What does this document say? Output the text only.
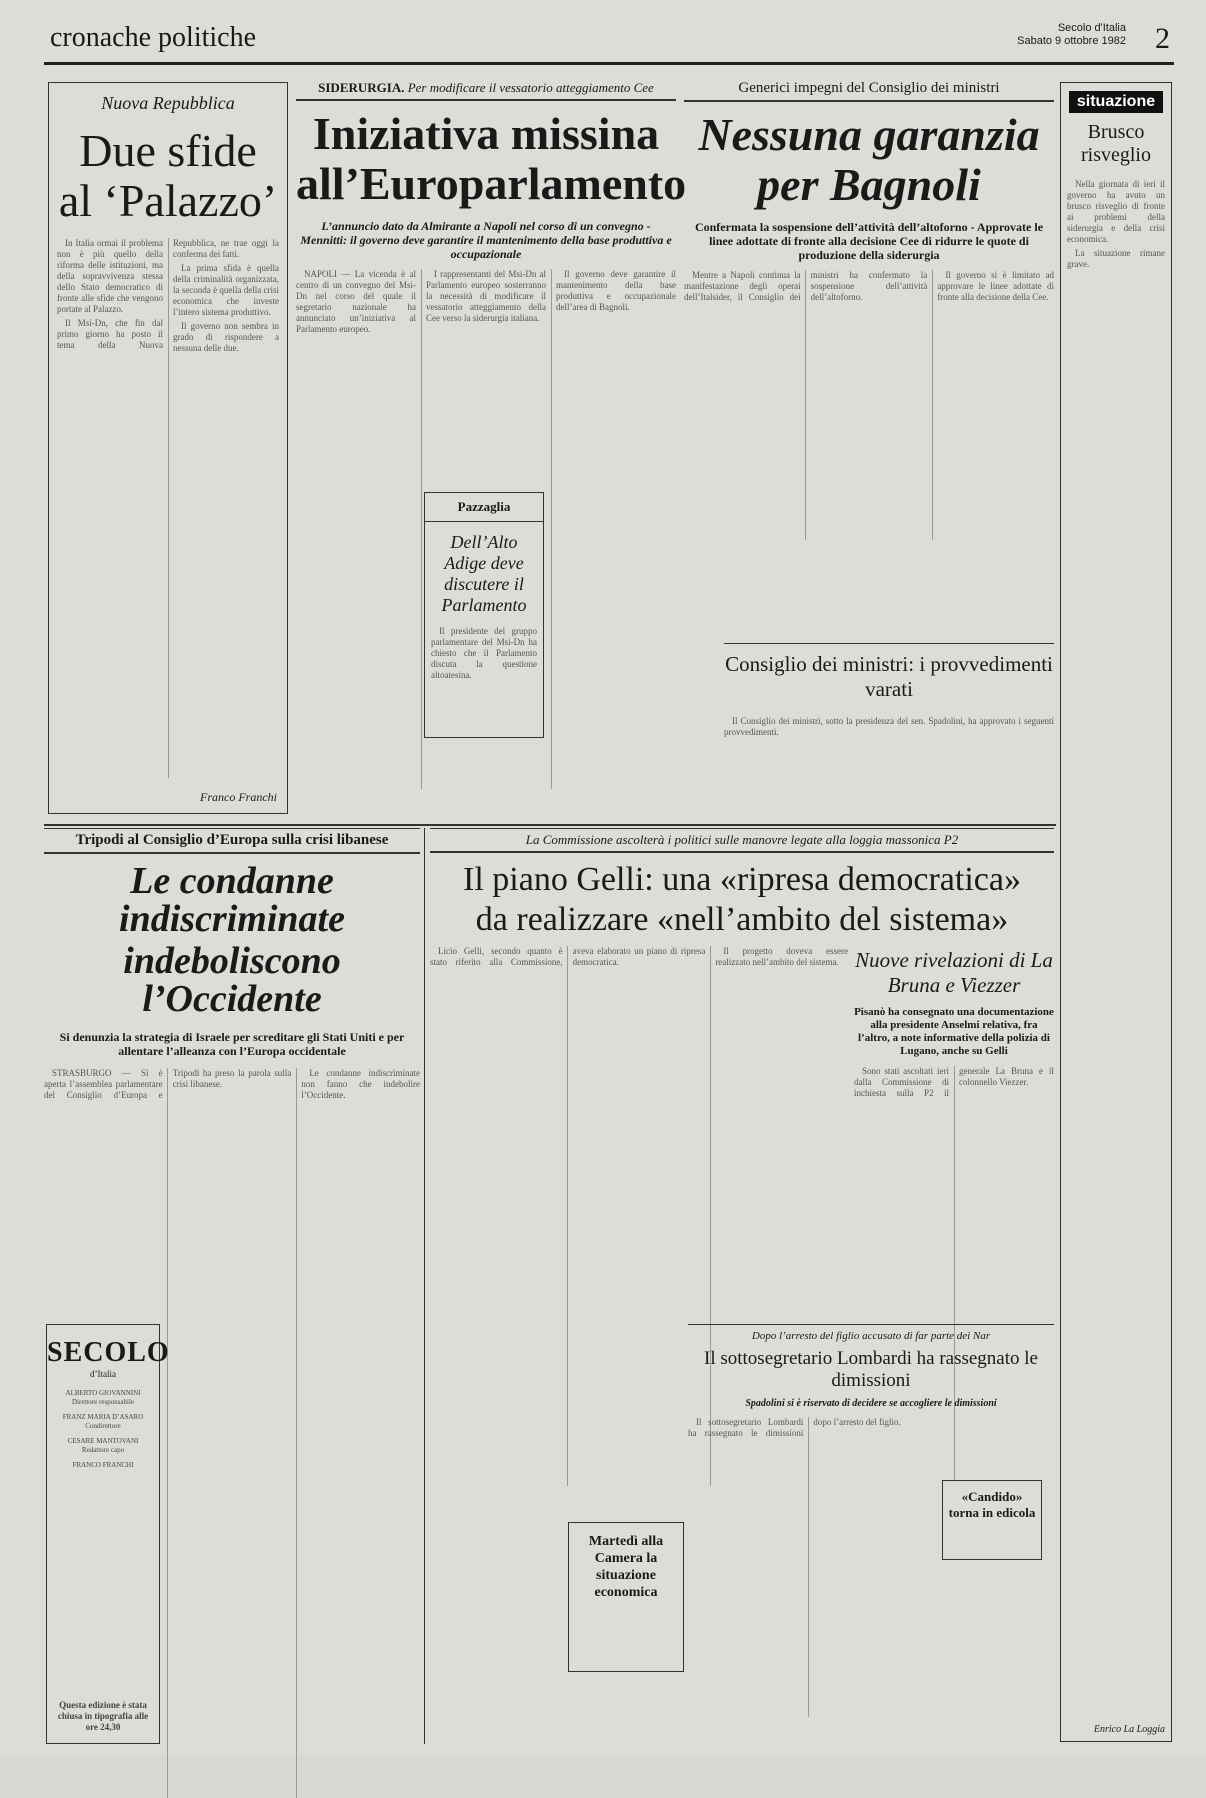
cronache politiche	Secolo d'Italia
Sabato 9 ottobre 1982 2
Nuova Repubblica
Due sfide
al ‘Palazzo’

In Italia ormai il problema non è più quello della riforma delle istituzioni, ma della sopravvivenza stessa dello Stato democratico di fronte alle sfide che vengono portate al Palazzo.

Il Msi-Dn, che fin dal primo giorno ha posto il tema della Nuova Repubblica, ne trae oggi la conferma dei fatti.

La prima sfida è quella della criminalità organizzata, la seconda è quella della crisi economica che investe l’intero sistema produttivo.

Il governo non sembra in grado di rispondere a nessuna delle due.

Franco Franchi
SIDERURGIA. Per modificare il vessatorio atteggiamento Cee
Iniziativa missina
all’Europarlamento
L’annuncio dato da Almirante a Napoli nel corso di un convegno - Mennitti: il governo deve garantire il mantenimento della base produttiva e occupazionale

NAPOLI — La vicenda è al centro di un convegno del Msi-Dn nel corso del quale il segretario nazionale ha annunciato un’iniziativa al Parlamento europeo.

I rappresentanti del Msi-Dn al Parlamento europeo sosterranno la necessità di modificare il vessatorio atteggiamento della Cee verso la siderurgia italiana.

Il governo deve garantire il mantenimento della base produttiva e occupazionale dell’area di Bagnoli.

Pazzaglia
Dell’Alto Adige deve discutere il Parlamento

Il presidente del gruppo parlamentare del Msi-Dn ha chiesto che il Parlamento discuta la questione altoatesina.

Generici impegni del Consiglio dei ministri
Nessuna garanzia
per Bagnoli
Confermata la sospensione dell’attività dell’altoforno - Approvate le linee adottate di fronte alla decisione Cee di ridurre le quote di produzione della siderurgia

Mentre a Napoli continua la manifestazione degli operai dell’Italsider, il Consiglio dei ministri ha confermato la sospensione dell’attività dell’altoforno.

Il governo si è limitato ad approvare le linee adottate di fronte alla decisione della Cee.

Consiglio dei ministri: i provvedimenti varati

Il Consiglio dei ministri, sotto la presidenza del sen. Spadolini, ha approvato i seguenti provvedimenti.

situazione
Brusco risveglio

Nella giornata di ieri il governo ha avuto un brusco risveglio di fronte ai problemi della siderurgia e della crisi economica.

La situazione rimane grave.

Enrico La Loggia
Tripodi al Consiglio d’Europa sulla crisi libanese
Le condanne indiscriminate
indeboliscono l’Occidente
Si denunzia la strategia di Israele per screditare gli Stati Uniti e per allentare l’alleanza con l’Europa occidentale

STRASBURGO — Si è aperta l’assemblea parlamentare del Consiglio d’Europa e Tripodi ha preso la parola sulla crisi libanese.

Le condanne indiscriminate non fanno che indebolire l’Occidente.

SECOLO
d’Italia
ALBERTO GIOVANNINI
Direttore responsabile
FRANZ MARIA D’ASARO
Condirettore
CESARE MANTOVANI
Redattore capo
FRANCO FRANCHI
Questa edizione è stata chiusa in tipografia alle ore 24,30
La Commissione ascolterà i politici sulle manovre legate alla loggia massonica P2
Il piano Gelli: una «ripresa democratica»
da realizzare «nell’ambito del sistema»

Licio Gelli, secondo quanto è stato riferito alla Commissione, aveva elaborato un piano di ripresa democratica.

Il progetto doveva essere realizzato nell’ambito del sistema. Nuove rivelazioni di La Bruna e Viezzer
Pisanò ha consegnato una documentazione alla presidente Anselmi relativa, fra l’altro, a note informative della polizia di Lugano, anche su Gelli

Sono stati ascoltati ieri dalla Commissione di inchiesta sulla P2 il generale La Bruna e il colonnello Viezzer.

Martedì alla Camera la situazione economica
Dopo l’arresto del figlio accusato di far parte dei Nar
Il sottosegretario Lombardi ha rassegnato le dimissioni
Spadolini si è riservato di decidere se accogliere le dimissioni

Il sottosegretario Lombardi ha rassegnato le dimissioni dopo l’arresto del figlio.

«Candido» torna in edicola
